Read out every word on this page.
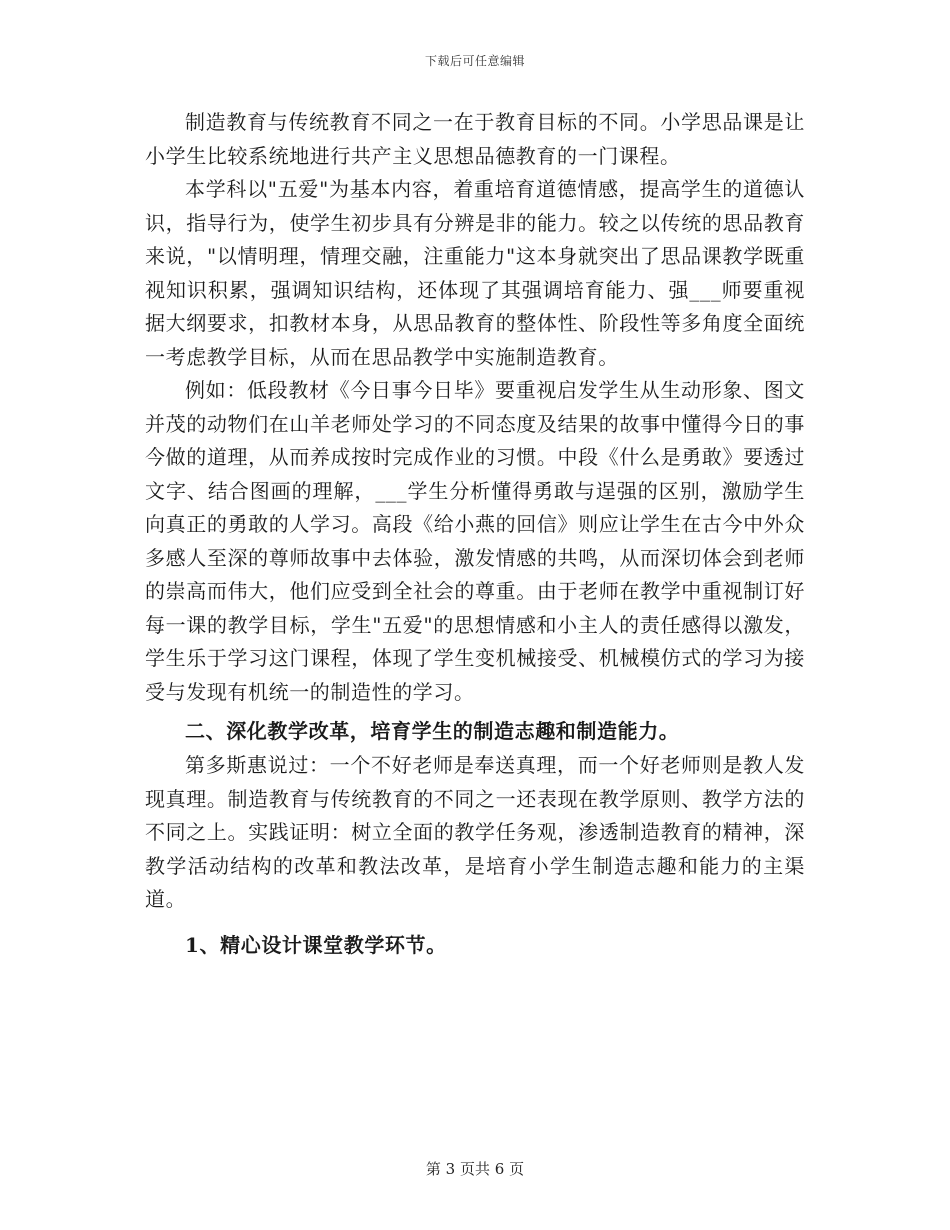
下载后可任意编辑

制造教育与传统教育不同之一在于教育目标的不同。小学思品课是让小学生比较系统地进行共产主义思想品德教育的一门课程。

本学科以"五爱"为基本内容，着重培育道德情感，提高学生的道德认识，指导行为，使学生初步具有分辨是非的能力。较之以传统的思品教育来说，"以情明理，情理交融，注重能力"这本身就突出了思品课教学既重视知识积累，强调知识结构，还体现了其强调培育能力、强___师要重视据大纲要求，扣教材本身，从思品教育的整体性、阶段性等多角度全面统一考虑教学目标，从而在思品教学中实施制造教育。

例如：低段教材《今日事今日毕》要重视启发学生从生动形象、图文并茂的动物们在山羊老师处学习的不同态度及结果的故事中懂得今日的事今做的道理，从而养成按时完成作业的习惯。中段《什么是勇敢》要透过文字、结合图画的理解，___学生分析懂得勇敢与逞强的区别，激励学生向真正的勇敢的人学习。高段《给小燕的回信》则应让学生在古今中外众多感人至深的尊师故事中去体验，激发情感的共鸣，从而深切体会到老师的崇高而伟大，他们应受到全社会的尊重。由于老师在教学中重视制订好每一课的教学目标，学生"五爱"的思想情感和小主人的责任感得以激发，学生乐于学习这门课程，体现了学生变机械接受、机械模仿式的学习为接受与发现有机统一的制造性的学习。

二、深化教学改革，培育学生的制造志趣和制造能力。

第多斯惠说过：一个不好老师是奉送真理，而一个好老师则是教人发现真理。制造教育与传统教育的不同之一还表现在教学原则、教学方法的不同之上。实践证明：树立全面的教学任务观，渗透制造教育的精神，深教学活动结构的改革和教法改革，是培育小学生制造志趣和能力的主渠道。

1、精心设计课堂教学环节。

第 3 页共 6 页
